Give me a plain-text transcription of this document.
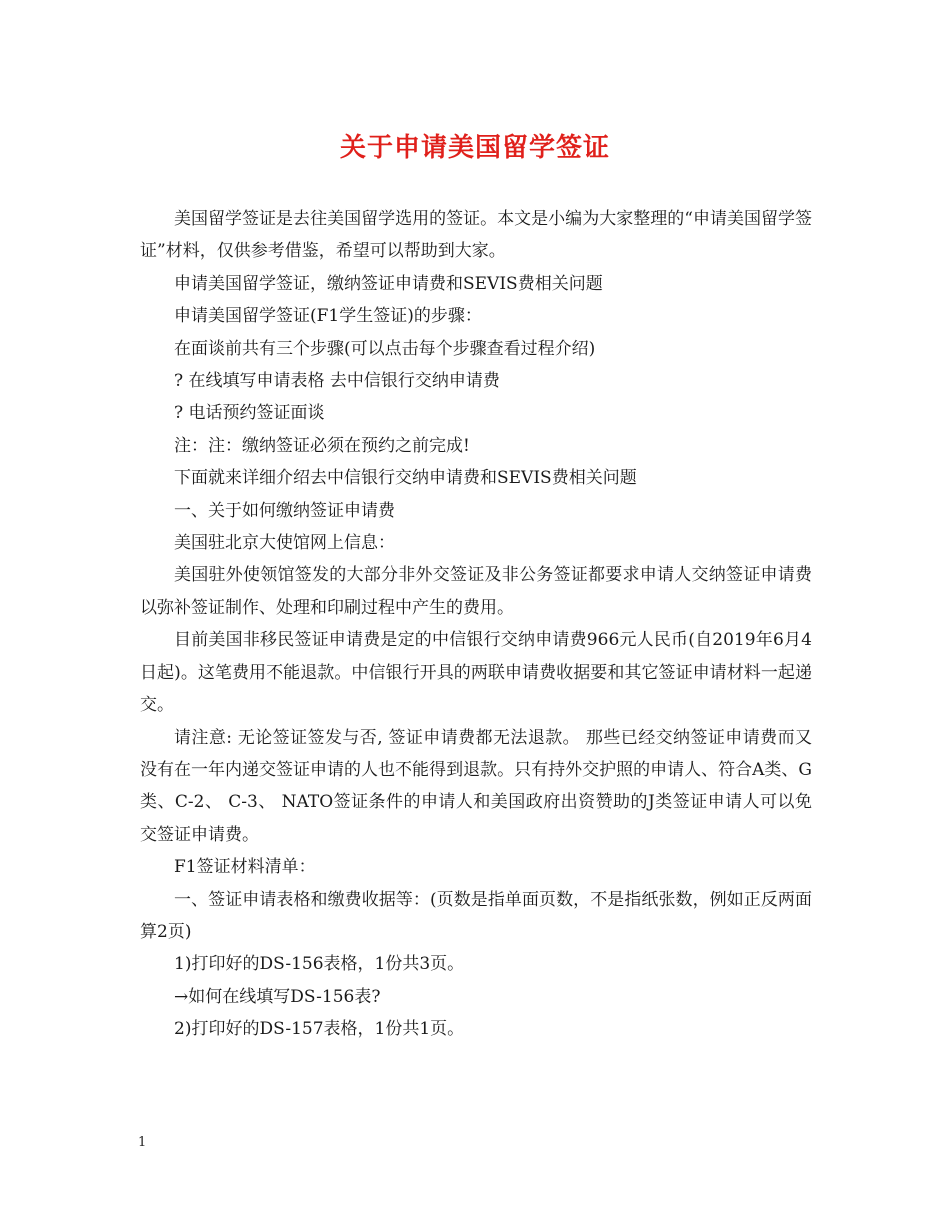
关于申请美国留学签证

美国留学签证是去往美国留学选用的签证。本文是小编为大家整理的“申请美国留学签证”材料，仅供参考借鉴，希望可以帮助到大家。

申请美国留学签证，缴纳签证申请费和SEVIS费相关问题

申请美国留学签证(F1学生签证)的步骤：

在面谈前共有三个步骤(可以点击每个步骤查看过程介绍)

? 在线填写申请表格 去中信银行交纳申请费

? 电话预约签证面谈

注：注：缴纳签证必须在预约之前完成!

下面就来详细介绍去中信银行交纳申请费和SEVIS费相关问题

一、关于如何缴纳签证申请费

美国驻北京大使馆网上信息：

美国驻外使领馆签发的大部分非外交签证及非公务签证都要求申请人交纳签证申请费以弥补签证制作、处理和印刷过程中产生的费用。

目前美国非移民签证申请费是定的中信银行交纳申请费966元人民币(自2019年6月4日起)。这笔费用不能退款。中信银行开具的两联申请费收据要和其它签证申请材料一起递交。

请注意: 无论签证签发与否, 签证申请费都无法退款。 那些已经交纳签证申请费而又没有在一年内递交签证申请的人也不能得到退款。只有持外交护照的申请人、符合A类、G类、C-2、 C-3、 NATO签证条件的申请人和美国政府出资赞助的J类签证申请人可以免交签证申请费。

F1签证材料清单：

一、签证申请表格和缴费收据等：(页数是指单面页数，不是指纸张数，例如正反两面算2页)

1)打印好的DS-156表格，1份共3页。

→如何在线填写DS-156表?

2)打印好的DS-157表格，1份共1页。

1
